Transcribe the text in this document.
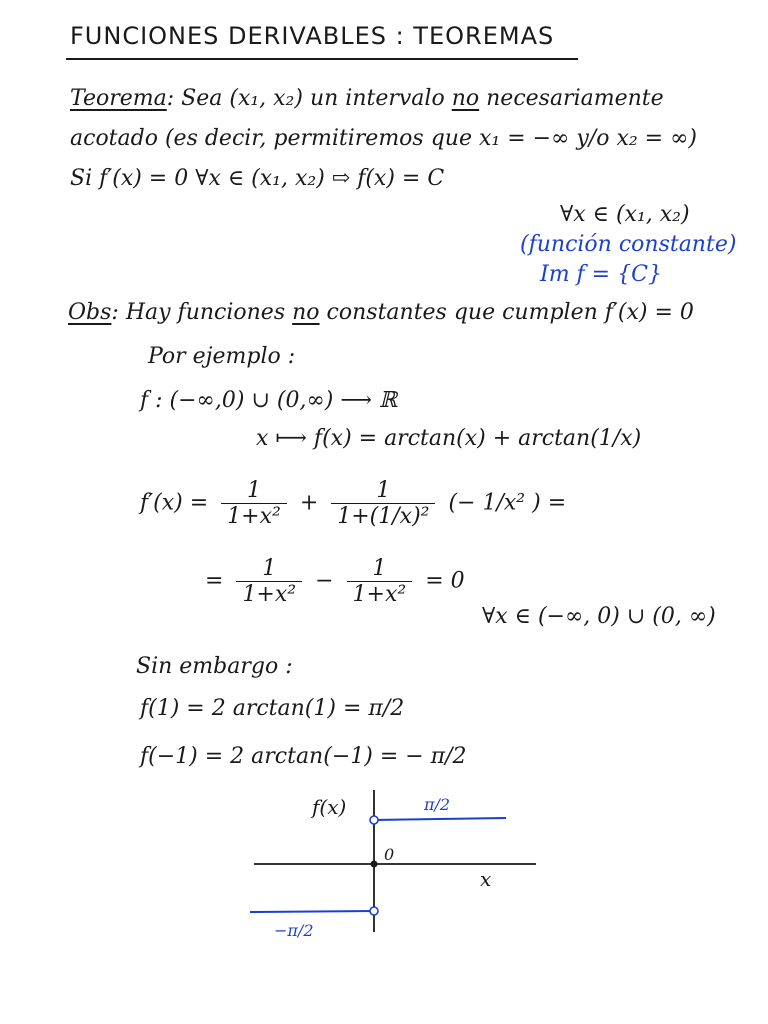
FUNCIONES DERIVABLES : TEOREMAS
Teorema: Sea (x₁, x₂) un intervalo no necesariamente
acotado (es decir, permitiremos que x₁ = −∞ y/o x₂ = ∞)
Si f′(x) = 0 ∀x ∈ (x₁, x₂) ⇨ f(x) = C
∀x ∈ (x₁, x₂)
(función constante)
Im f = {C}
Obs: Hay funciones no constantes que cumplen f′(x) = 0
Por ejemplo :
f : (−∞,0) ∪ (0,∞) ⟶ ℝ
x ⟼ f(x) = arctan(x) + arctan(1/x)
$f'(x) = \frac{1}{\text{1+x²}} + \frac{1}{\text{1+(1/x)²}}$ (− 1/x² ) =
= $\frac{1}{\text{1+x²}} - \frac{1}{\text{1+x²}} = 0$
∀x ∈ (−∞, 0) ∪ (0, ∞)
Sin embargo :
f(1) = 2 arctan(1) = π/2
f(−1) = 2 arctan(−1) = − π/2
f(x)
x
0
π/2
−π/2
